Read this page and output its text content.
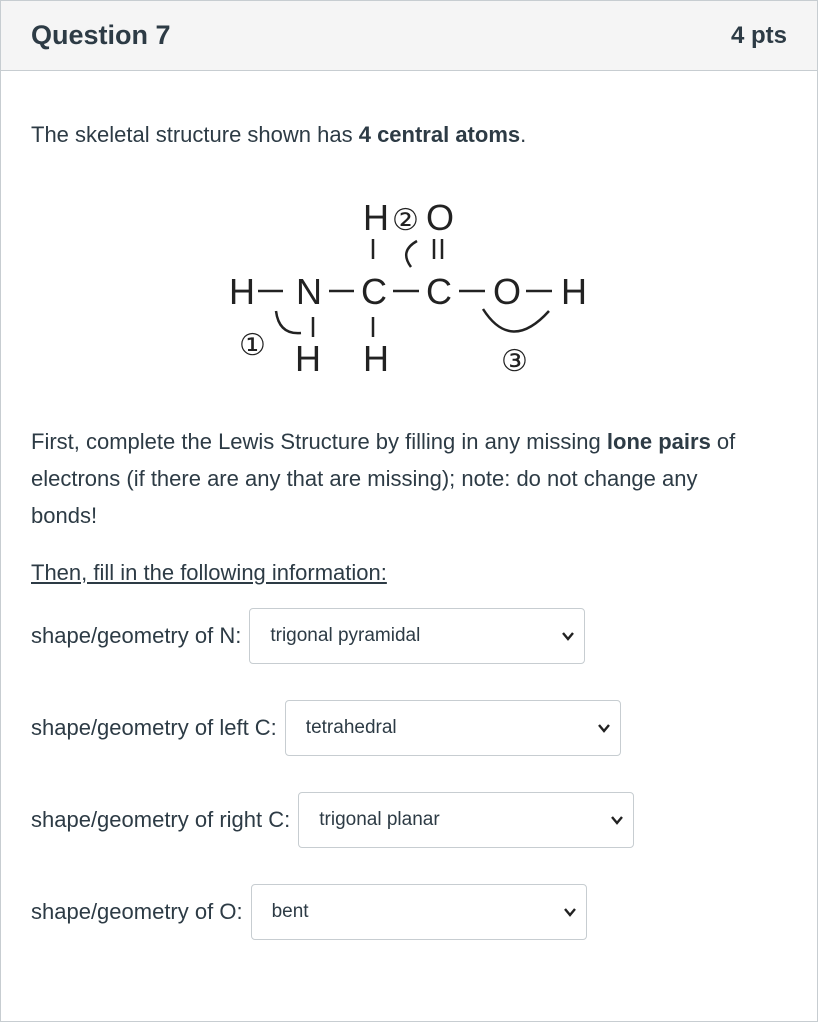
Question 7	4 pts
The skeletal structure shown has 4 central atoms.
H ② O
H N C C O H
① H H	③
First, complete the Lewis Structure by filling in any missing lone pairs of electrons (if there are any that are missing); note: do not change any bonds!
Then, fill in the following information:
shape/geometry of N: trigonal pyramidal
shape/geometry of left C: tetrahedral
shape/geometry of right C: trigonal planar
shape/geometry of O: bent
